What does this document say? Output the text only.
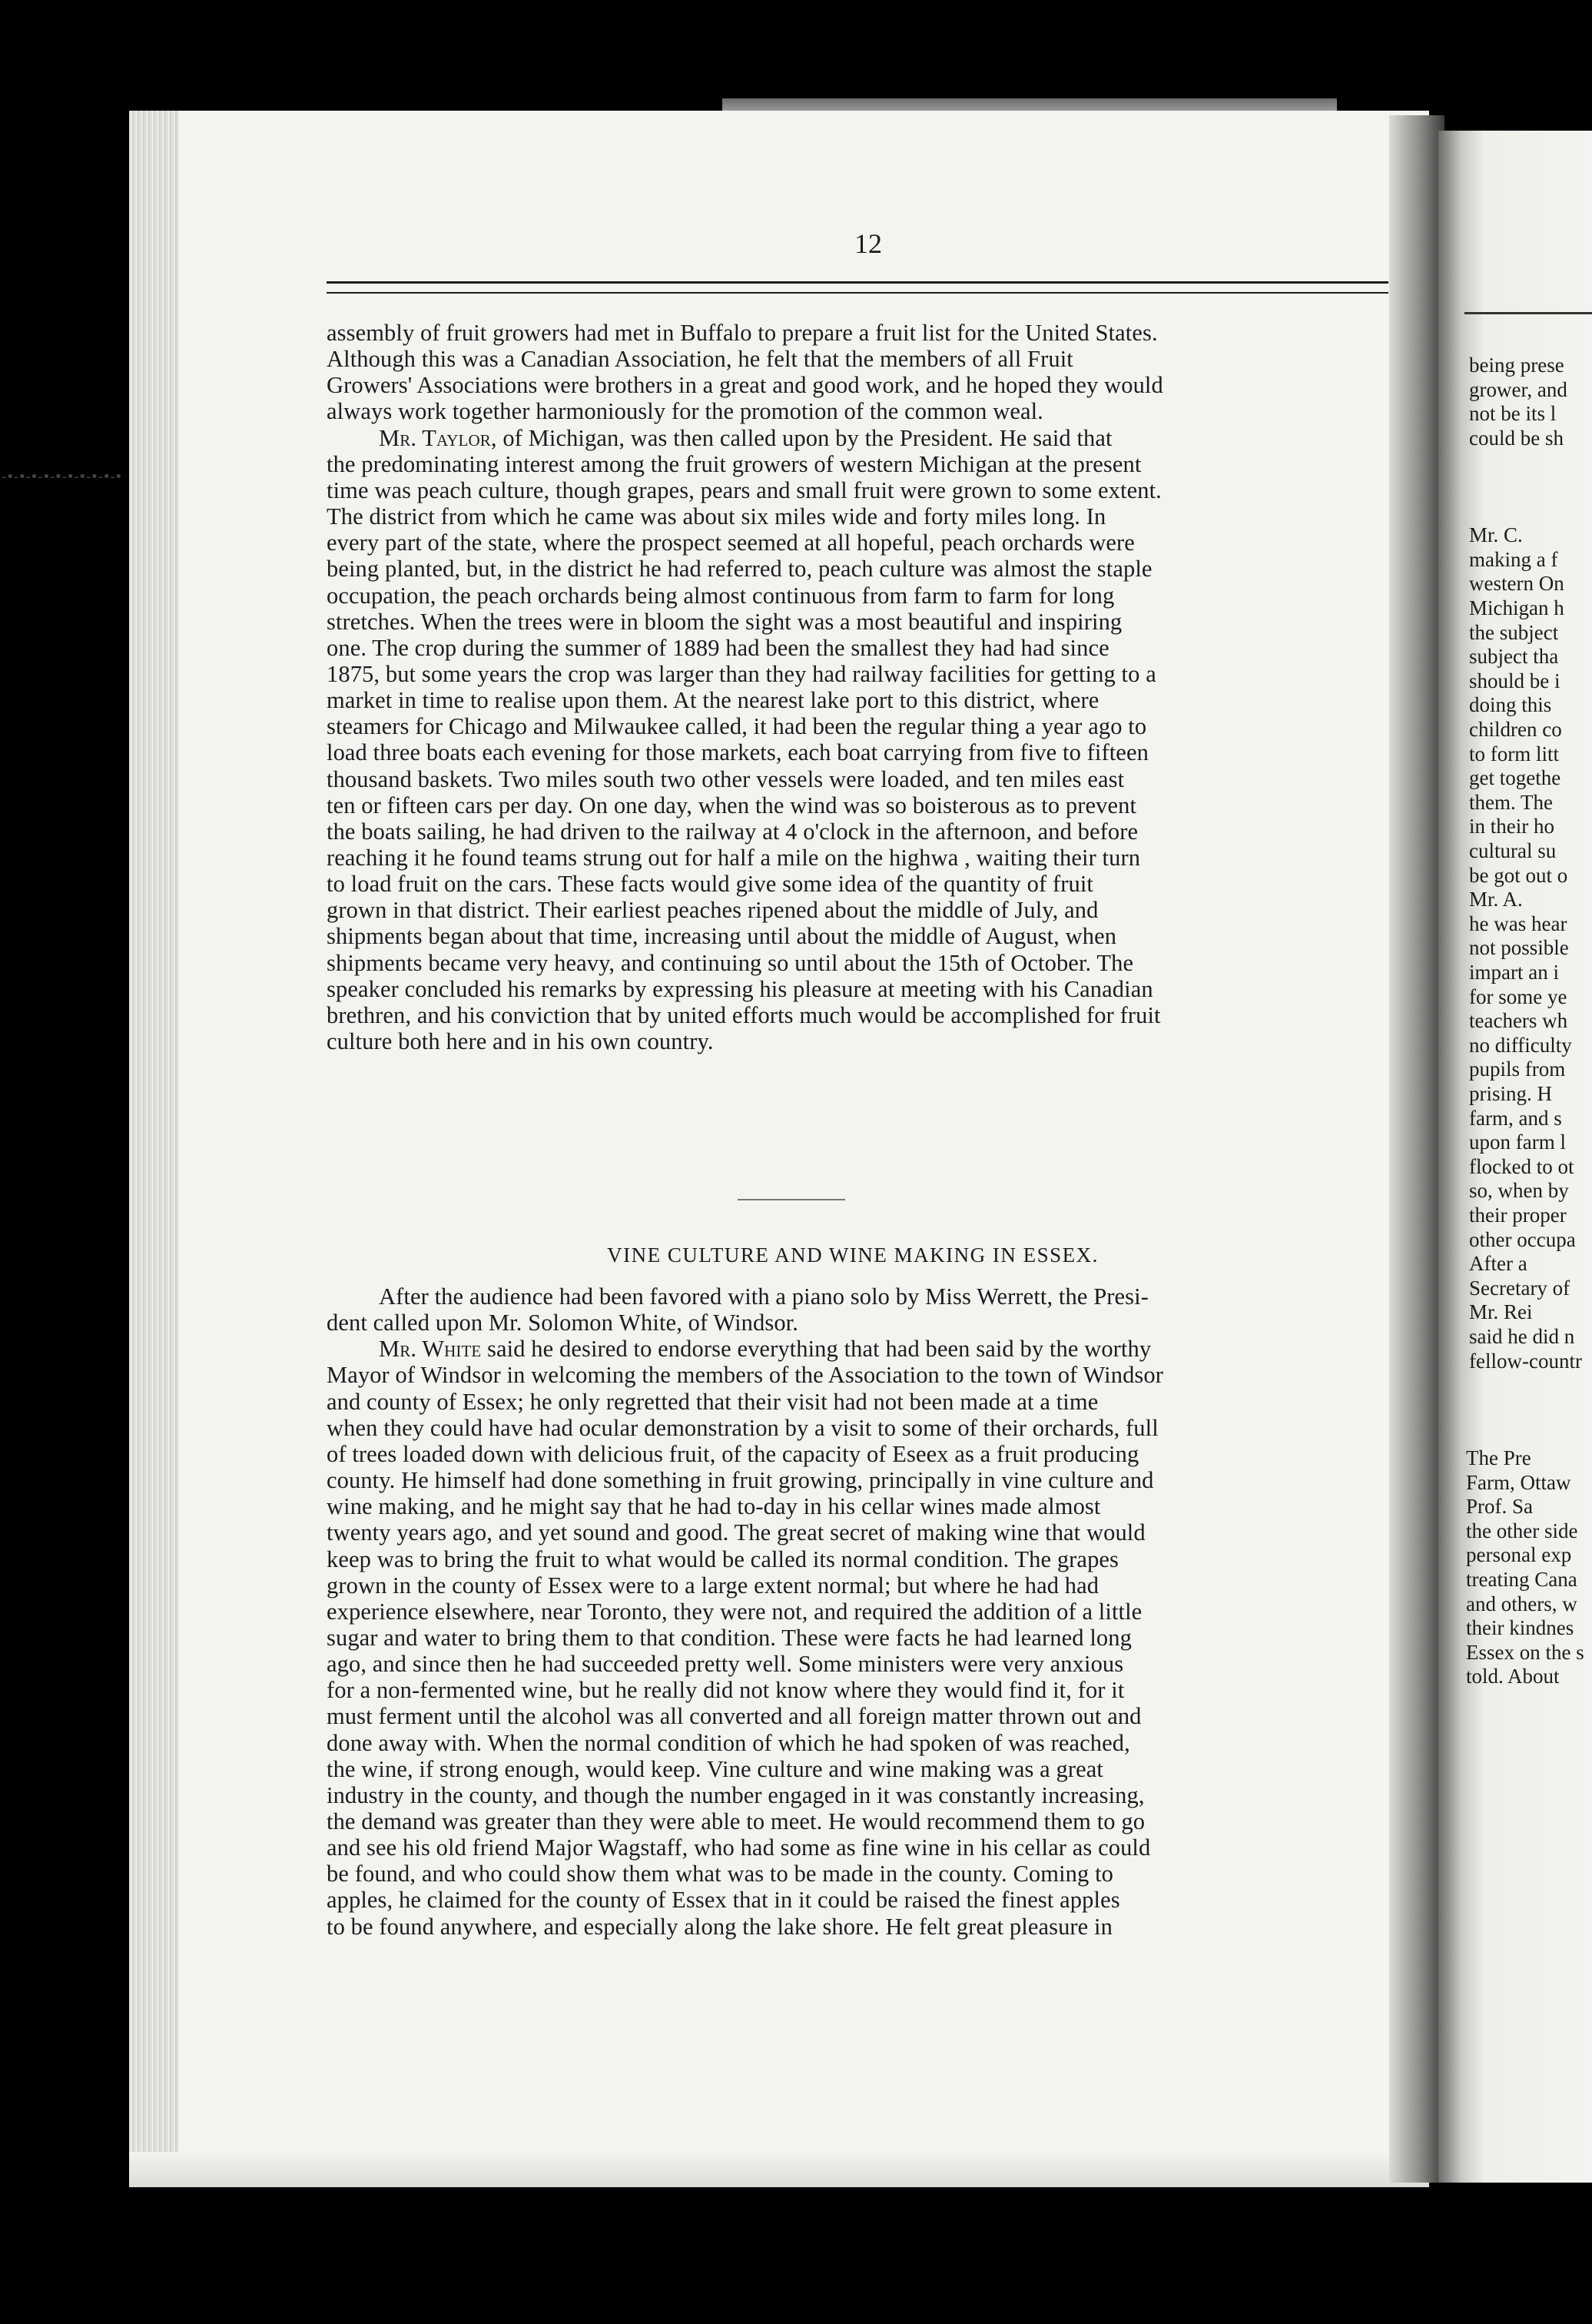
being prese
grower, and
not be its l
could be sh
Mr. C.
making a f
western On
Michigan h
the subject
subject tha
should be i
doing this
children co
to form litt
get togethe
them. The
in their ho
cultural su
be got out o
Mr. A.
he was hear
not possible
impart an i
for some ye
teachers wh
no difficulty
pupils from
prising. H
farm, and s
upon farm l
flocked to ot
so, when by
their proper
other occupa
After a
Secretary of
Mr. Rei
said he did n
fellow-countr
The Pre
Farm, Ottaw
Prof. Sa
the other side
personal exp
treating Cana
and others, w
their kindnes
Essex on the s
told. About
-•-•-•-•-•-•-•-•-•-•
12
assembly of fruit growers had met in Buffalo to prepare a fruit list for the United States.
Although this was a Canadian Association, he felt that the members of all Fruit
Growers' Associations were brothers in a great and good work, and he hoped they would
always work together harmoniously for the promotion of the common weal.
Mr. Taylor, of Michigan, was then called upon by the President. He said that
the predominating interest among the fruit growers of western Michigan at the present
time was peach culture, though grapes, pears and small fruit were grown to some extent.
The district from which he came was about six miles wide and forty miles long. In
every part of the state, where the prospect seemed at all hopeful, peach orchards were
being planted, but, in the district he had referred to, peach culture was almost the staple
occupation, the peach orchards being almost continuous from farm to farm for long
stretches. When the trees were in bloom the sight was a most beautiful and inspiring
one. The crop during the summer of 1889 had been the smallest they had had since
1875, but some years the crop was larger than they had railway facilities for getting to a
market in time to realise upon them. At the nearest lake port to this district, where
steamers for Chicago and Milwaukee called, it had been the regular thing a year ago to
load three boats each evening for those markets, each boat carrying from five to fifteen
thousand baskets. Two miles south two other vessels were loaded, and ten miles east
ten or fifteen cars per day. On one day, when the wind was so boisterous as to prevent
the boats sailing, he had driven to the railway at 4 o'clock in the afternoon, and before
reaching it he found teams strung out for half a mile on the highwa , waiting their turn
to load fruit on the cars. These facts would give some idea of the quantity of fruit
grown in that district. Their earliest peaches ripened about the middle of July, and
shipments began about that time, increasing until about the middle of August, when
shipments became very heavy, and continuing so until about the 15th of October. The
speaker concluded his remarks by expressing his pleasure at meeting with his Canadian
brethren, and his conviction that by united efforts much would be accomplished for fruit
culture both here and in his own country.
After the audience had been favored with a piano solo by Miss Werrett, the Presi-
dent called upon Mr. Solomon White, of Windsor.
Mr. White said he desired to endorse everything that had been said by the worthy
Mayor of Windsor in welcoming the members of the Association to the town of Windsor
and county of Essex; he only regretted that their visit had not been made at a time
when they could have had ocular demonstration by a visit to some of their orchards, full
of trees loaded down with delicious fruit, of the capacity of Eseex as a fruit producing
county. He himself had done something in fruit growing, principally in vine culture and
wine making, and he might say that he had to-day in his cellar wines made almost
twenty years ago, and yet sound and good. The great secret of making wine that would
keep was to bring the fruit to what would be called its normal condition. The grapes
grown in the county of Essex were to a large extent normal; but where he had had
experience elsewhere, near Toronto, they were not, and required the addition of a little
sugar and water to bring them to that condition. These were facts he had learned long
ago, and since then he had succeeded pretty well. Some ministers were very anxious
for a non-fermented wine, but he really did not know where they would find it, for it
must ferment until the alcohol was all converted and all foreign matter thrown out and
done away with. When the normal condition of which he had spoken of was reached,
the wine, if strong enough, would keep. Vine culture and wine making was a great
industry in the county, and though the number engaged in it was constantly increasing,
the demand was greater than they were able to meet. He would recommend them to go
and see his old friend Major Wagstaff, who had some as fine wine in his cellar as could
be found, and who could show them what was to be made in the county. Coming to
apples, he claimed for the county of Essex that in it could be raised the finest apples
to be found anywhere, and especially along the lake shore. He felt great pleasure in
VINE CULTURE AND WINE MAKING IN ESSEX.
